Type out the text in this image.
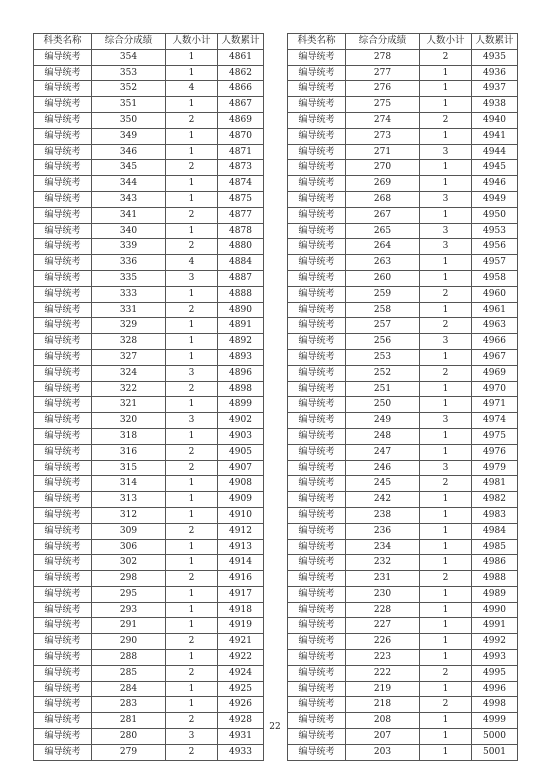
科类名称	综合分成绩	人数小计	人数累计
编导统考	354	1	4861
编导统考	353	1	4862
编导统考	352	4	4866
编导统考	351	1	4867
编导统考	350	2	4869
编导统考	349	1	4870
编导统考	346	1	4871
编导统考	345	2	4873
编导统考	344	1	4874
编导统考	343	1	4875
编导统考	341	2	4877
编导统考	340	1	4878
编导统考	339	2	4880
编导统考	336	4	4884
编导统考	335	3	4887
编导统考	333	1	4888
编导统考	331	2	4890
编导统考	329	1	4891
编导统考	328	1	4892
编导统考	327	1	4893
编导统考	324	3	4896
编导统考	322	2	4898
编导统考	321	1	4899
编导统考	320	3	4902
编导统考	318	1	4903
编导统考	316	2	4905
编导统考	315	2	4907
编导统考	314	1	4908
编导统考	313	1	4909
编导统考	312	1	4910
编导统考	309	2	4912
编导统考	306	1	4913
编导统考	302	1	4914
编导统考	298	2	4916
编导统考	295	1	4917
编导统考	293	1	4918
编导统考	291	1	4919
编导统考	290	2	4921
编导统考	288	1	4922
编导统考	285	2	4924
编导统考	284	1	4925
编导统考	283	1	4926
编导统考	281	2	4928
编导统考	280	3	4931
编导统考	279	2	4933
科类名称	综合分成绩	人数小计	人数累计
编导统考	278	2	4935
编导统考	277	1	4936
编导统考	276	1	4937
编导统考	275	1	4938
编导统考	274	2	4940
编导统考	273	1	4941
编导统考	271	3	4944
编导统考	270	1	4945
编导统考	269	1	4946
编导统考	268	3	4949
编导统考	267	1	4950
编导统考	265	3	4953
编导统考	264	3	4956
编导统考	263	1	4957
编导统考	260	1	4958
编导统考	259	2	4960
编导统考	258	1	4961
编导统考	257	2	4963
编导统考	256	3	4966
编导统考	253	1	4967
编导统考	252	2	4969
编导统考	251	1	4970
编导统考	250	1	4971
编导统考	249	3	4974
编导统考	248	1	4975
编导统考	247	1	4976
编导统考	246	3	4979
编导统考	245	2	4981
编导统考	242	1	4982
编导统考	238	1	4983
编导统考	236	1	4984
编导统考	234	1	4985
编导统考	232	1	4986
编导统考	231	2	4988
编导统考	230	1	4989
编导统考	228	1	4990
编导统考	227	1	4991
编导统考	226	1	4992
编导统考	223	1	4993
编导统考	222	2	4995
编导统考	219	1	4996
编导统考	218	2	4998
编导统考	208	1	4999
编导统考	207	1	5000
编导统考	203	1	5001
22
